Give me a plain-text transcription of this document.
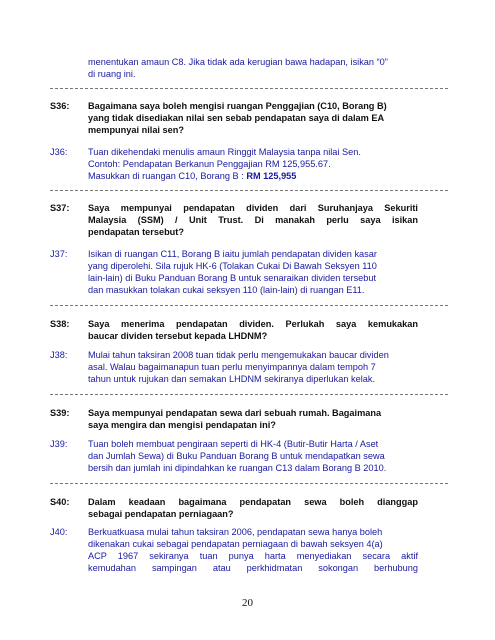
menentukan amaun C8. Jika tidak ada kerugian bawa hadapan, isikan “0”
di ruang ini.
S36: Bagaimana saya boleh mengisi ruangan Penggajian (C10, Borang B)
yang tidak disediakan nilai sen sebab pendapatan saya di dalam EA
mempunyai nilai sen?
J36: Tuan dikehendaki menulis amaun Ringgit Malaysia tanpa nilai Sen.
Contoh: Pendapatan Berkanun Penggajian RM 125,955.67.
Masukkan di ruangan C10, Borang B : RM 125,955
S37: Saya mempunyai pendapatan dividen dari Suruhanjaya Sekuriti
Malaysia (SSM) / Unit Trust. Di manakah perlu saya isikan
pendapatan tersebut?
J37: Isikan di ruangan C11, Borang B iaitu jumlah pendapatan dividen kasar
yang diperolehi. Sila rujuk HK-6 (Tolakan Cukai Di Bawah Seksyen 110
lain-lain) di Buku Panduan Borang B untuk senaraikan dividen tersebut
dan masukkan tolakan cukai seksyen 110 (lain-lain) di ruangan E11.
S38: Saya menerima pendapatan dividen. Perlukah saya kemukakan
baucar dividen tersebut kepada LHDNM?
J38: Mulai tahun taksiran 2008 tuan tidak perlu mengemukakan baucar dividen
asal. Walau bagaimanapun tuan perlu menyimpannya dalam tempoh 7
tahun untuk rujukan dan semakan LHDNM sekiranya diperlukan kelak.
S39: Saya mempunyai pendapatan sewa dari sebuah rumah. Bagaimana
saya mengira dan mengisi pendapatan ini?
J39: Tuan boleh membuat pengiraan seperti di HK-4 (Butir-Butir Harta / Aset
dan Jumlah Sewa) di Buku Panduan Borang B untuk mendapatkan sewa
bersih dan jumlah ini dipindahkan ke ruangan C13 dalam Borang B 2010.
S40: Dalam keadaan bagaimana pendapatan sewa boleh dianggap
sebagai pendapatan perniagaan?
J40: Berkuatkuasa mulai tahun taksiran 2006, pendapatan sewa hanya boleh
dikenakan cukai sebagai pendapatan perniagaan di bawah seksyen 4(a)
ACP 1967 sekiranya tuan punya harta menyediakan secara aktif
kemudahan sampingan atau perkhidmatan sokongan berhubung
20
